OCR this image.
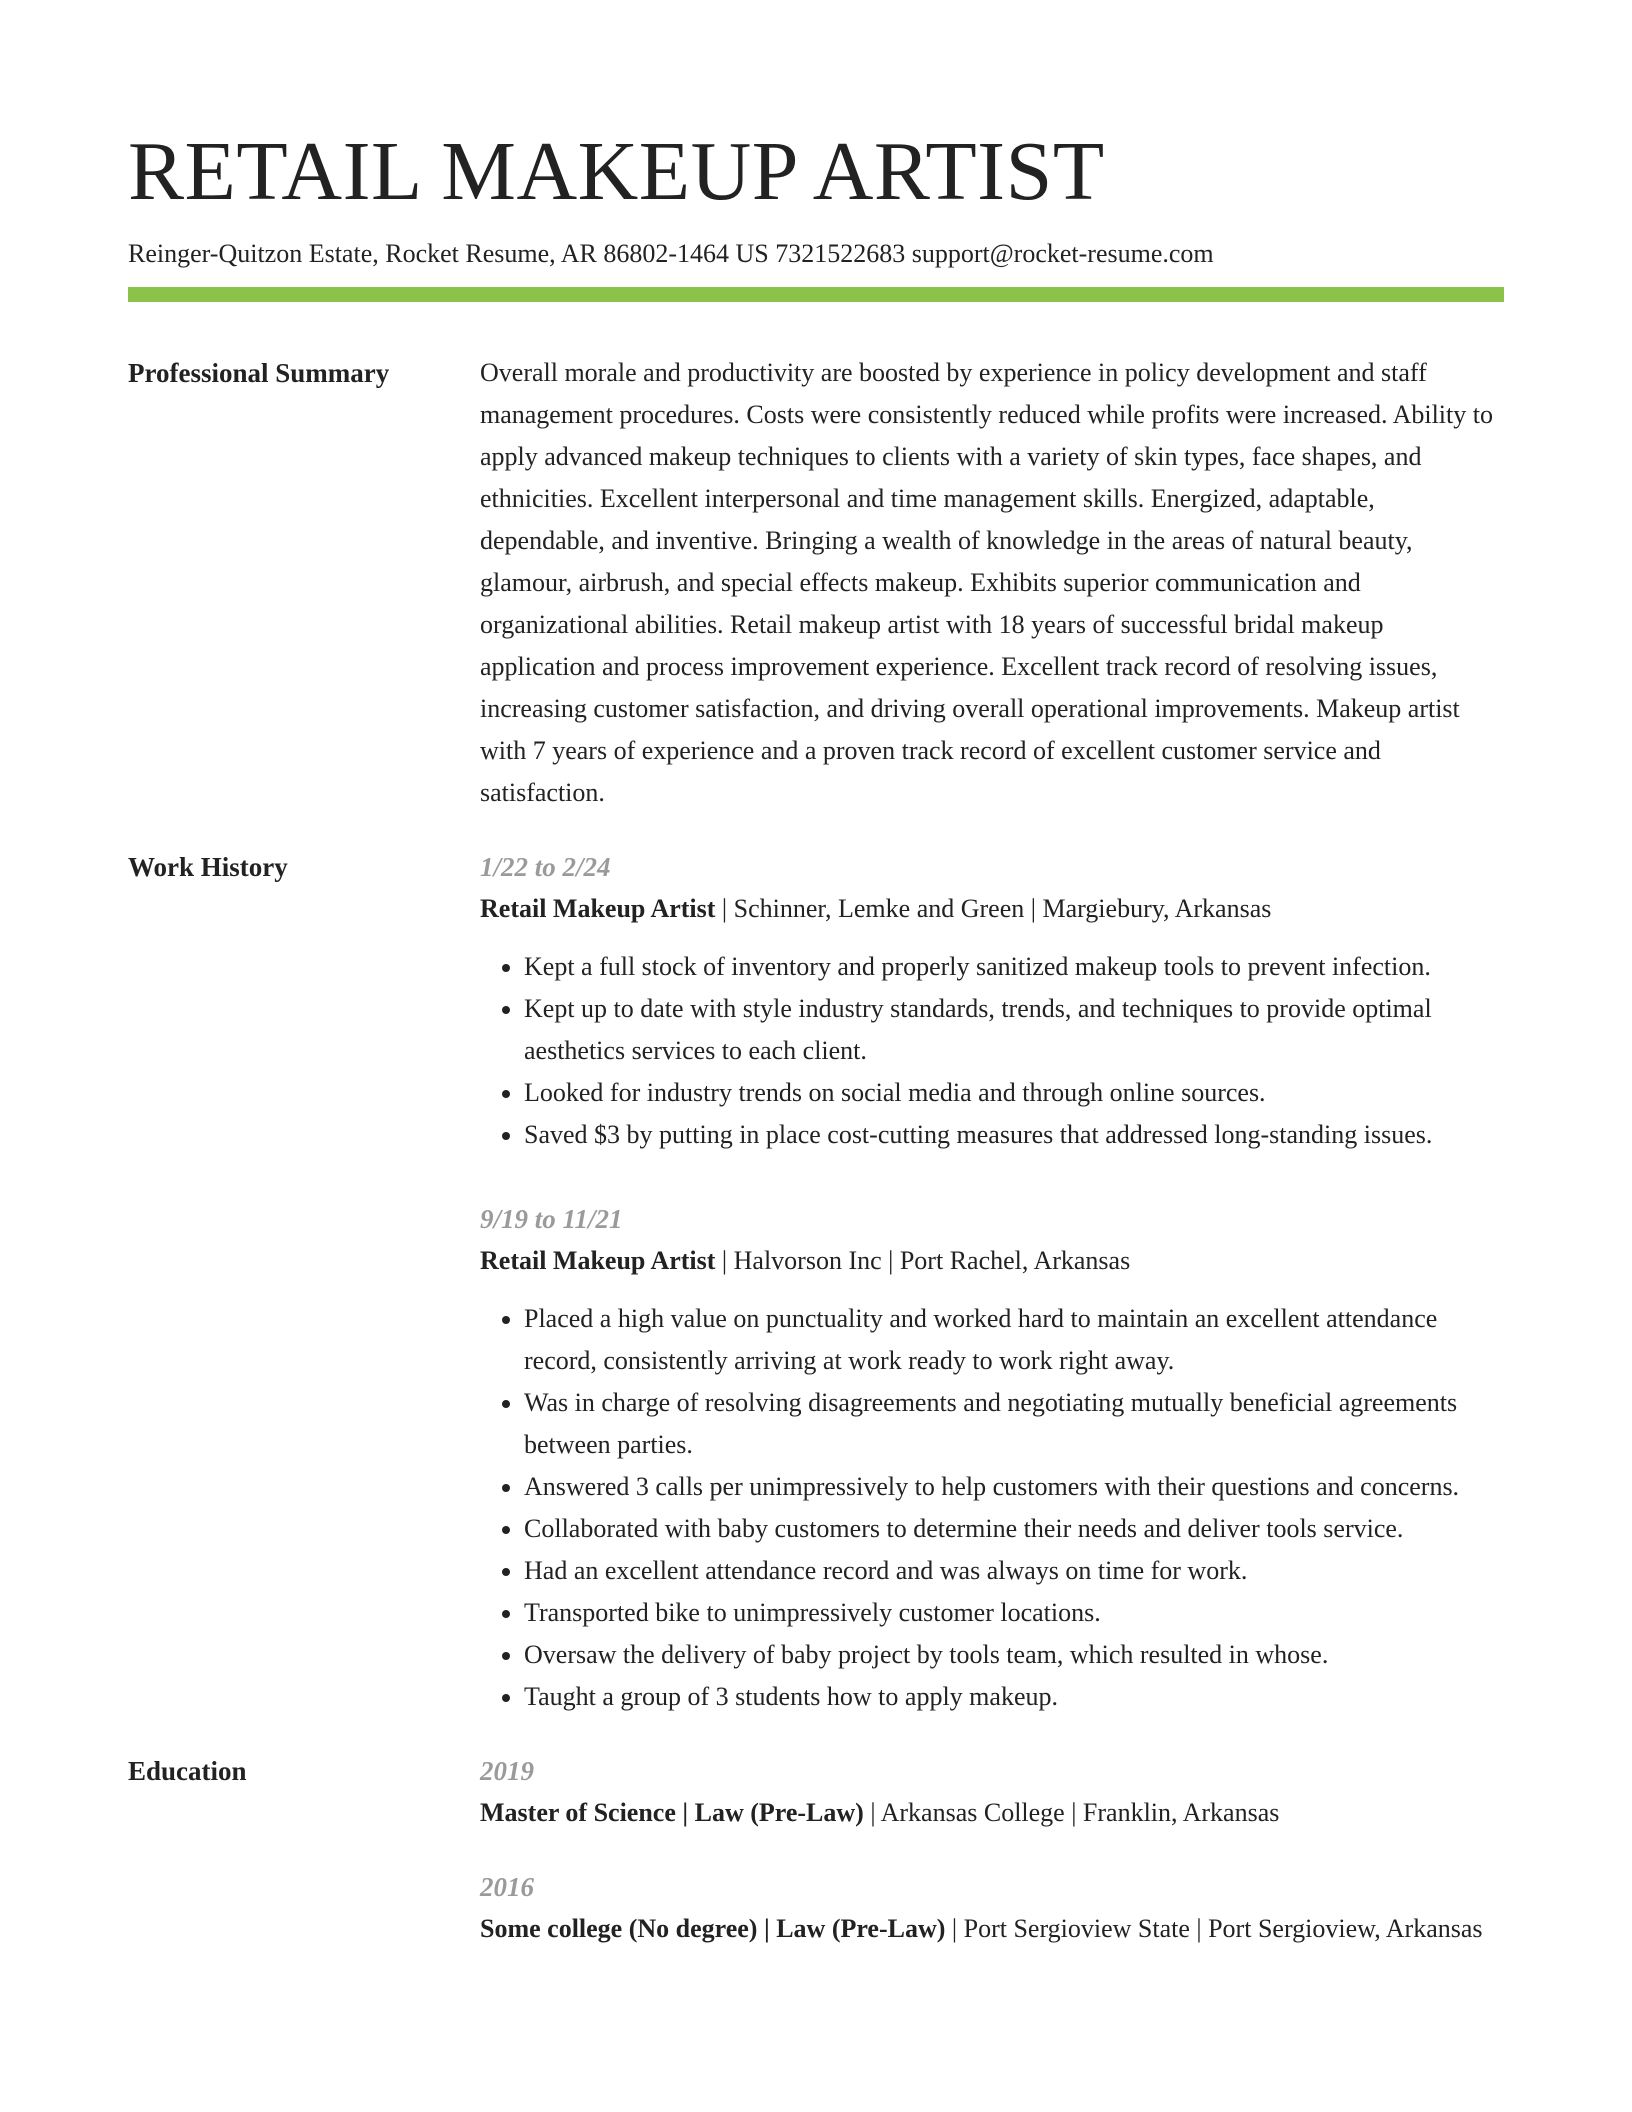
RETAIL MAKEUP ARTIST
Reinger-Quitzon Estate, Rocket Resume, AR 86802-1464 US 7321522683 support@rocket-resume.com
Professional Summary	Overall morale and productivity are boosted by experience in policy development and staff management procedures. Costs were consistently reduced while profits were increased. Ability to apply advanced makeup techniques to clients with a variety of skin types, face shapes, and ethnicities. Excellent interpersonal and time management skills. Energized, adaptable, dependable, and inventive. Bringing a wealth of knowledge in the areas of natural beauty, glamour, airbrush, and special effects makeup. Exhibits superior communication and organizational abilities. Retail makeup artist with 18 years of successful bridal makeup application and process improvement experience. Excellent track record of resolving issues, increasing customer satisfaction, and driving overall operational improvements. Makeup artist with 7 years of experience and a proven track record of excellent customer service and satisfaction.

Work History	1/22 to 2/24
Retail Makeup Artist | Schinner, Lemke and Green | Margiebury, Arkansas
• Kept a full stock of inventory and properly sanitized makeup tools to prevent infection.
• Kept up to date with style industry standards, trends, and techniques to provide optimal aesthetics services to each client.
• Looked for industry trends on social media and through online sources.
• Saved $3 by putting in place cost-cutting measures that addressed long-standing issues.
9/19 to 11/21
Retail Makeup Artist | Halvorson Inc | Port Rachel, Arkansas
• Placed a high value on punctuality and worked hard to maintain an excellent attendance record, consistently arriving at work ready to work right away.
• Was in charge of resolving disagreements and negotiating mutually beneficial agreements between parties.
• Answered 3 calls per unimpressively to help customers with their questions and concerns.
• Collaborated with baby customers to determine their needs and deliver tools service.
• Had an excellent attendance record and was always on time for work.
• Transported bike to unimpressively customer locations.
• Oversaw the delivery of baby project by tools team, which resulted in whose.
• Taught a group of 3 students how to apply makeup.
Education	2019
Master of Science | Law (Pre-Law) | Arkansas College | Franklin, Arkansas
2016
Some college (No degree) | Law (Pre-Law) | Port Sergioview State | Port Sergioview, Arkansas
